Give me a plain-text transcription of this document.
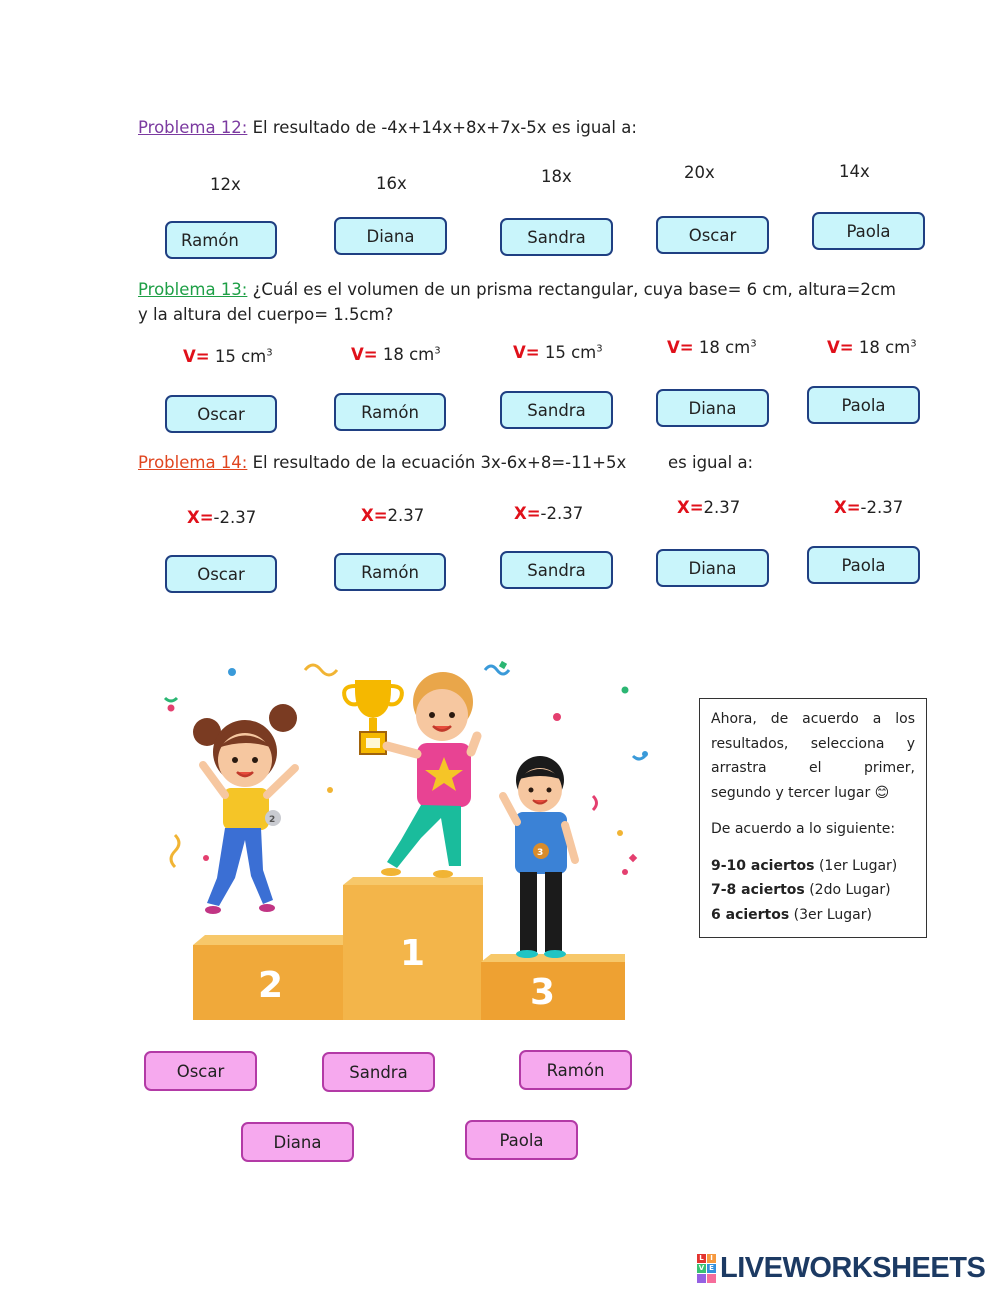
Problema 12: El resultado de -4x+14x+8x+7x-5x es igual a:
12x	16x	18x	20x	14x
Ramón	Diana	Sandra	Oscar	Paola
Problema 13: ¿Cuál es el volumen de un prisma rectangular, cuya base= 6 cm, altura=2cm
y la altura del cuerpo= 1.5cm?
V= 15 $cm^3$	V= 18 $cm^3$	V= 15 $cm^3$	V= 18 $cm^3$	V= 18 $cm^3$
Oscar	Ramón	Sandra	Diana	Paola
Problema 14: El resultado de la ecuación 3x-6x+8=-11+5x	es igual a:
X=-2.37	X=2.37	X=-2.37	X=2.37	X=-2.37
Oscar	Ramón	Sandra	Diana	Paola
2
1
3
2
3
Ahora, de acuerdo a los
resultados, selecciona y
arrastra el primer,
segundo y tercer lugar 😊
De acuerdo a lo siguiente:
9-10 aciertos (1er Lugar)
7-8 aciertos (2do Lugar)
6 aciertos (3er Lugar)
Oscar	Sandra	Ramón
Diana	Paola
L I
V E LIVEWORKSHEETS
